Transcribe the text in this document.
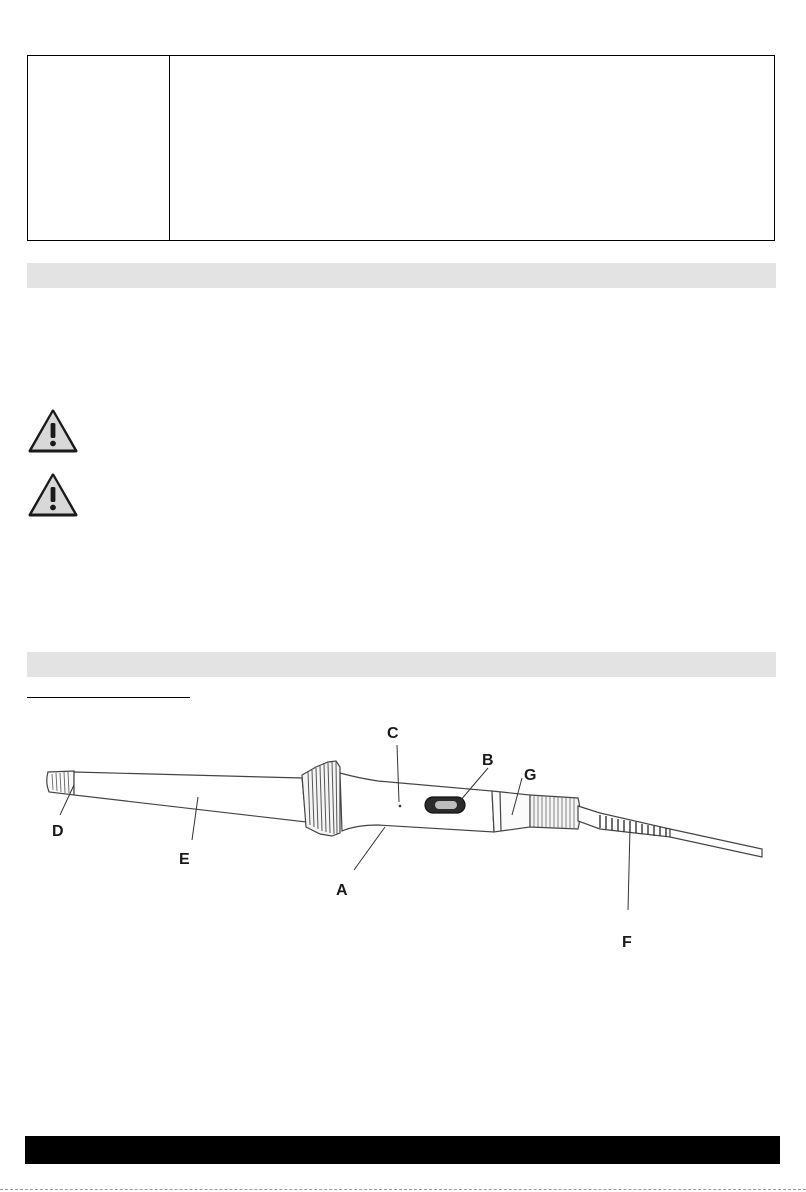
D
E
A
C
B
G
F
